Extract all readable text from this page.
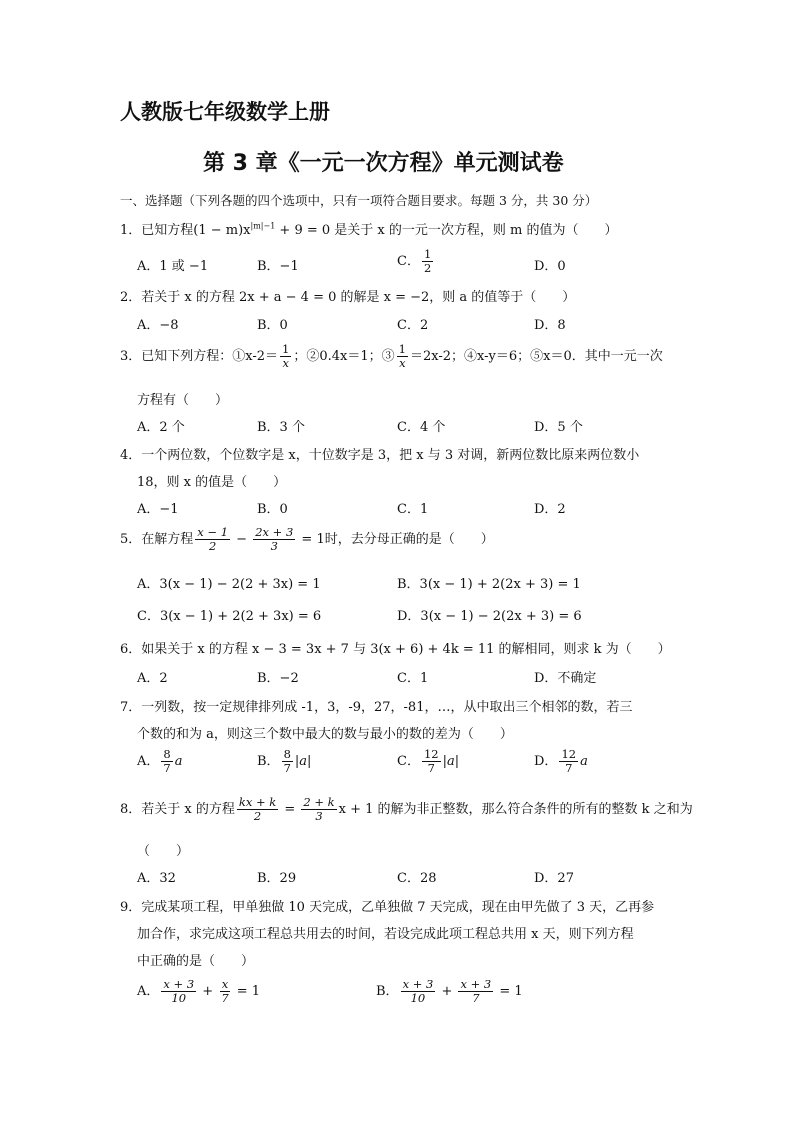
人教版七年级数学上册
第 3 章《一元一次方程》单元测试卷
一、选择题（下列各题的四个选项中，只有一项符合题目要求。每题 3 分，共 30 分）
1．已知方程$(1 - m)x^{|m|-1} + 9 = 0$ 是关于 x 的一元一次方程，则 m 的值为（　　）
A．1 或 −1	B．−1	C． $\frac{1}{2}$	D．0
2．若关于 x 的方程 2x + a − 4 = 0 的解是 x = −2，则 a 的值等于（　　）
A．−8	B．0	C．2	D．8
3．已知下列方程：①x-2＝ $\frac{1}{x}$ ；②0.4x＝1；③ $\frac{1}{x} =2x-2$；④x-y＝6；⑤x＝0．其中一元一次
方程有（　　）
A．2 个	B．3 个	C．4 个	D．5 个
4．一个两位数，个位数字是 x，十位数字是 3，把 x 与 3 对调，新两位数比原来两位数小
18，则 x 的值是（　　）
A．−1	B．0	C．1	D．2
5．在解方程 $\frac{x - 1}{2} - \frac{2x + 3}{3} = 1$时，去分母正确的是（　　）
A．3(x − 1) − 2(2 + 3x) = 1	B．3(x − 1) + 2(2x + 3) = 1
C．3(x − 1) + 2(2 + 3x) = 6	D．3(x − 1) − 2(2x + 3) = 6
6．如果关于 x 的方程 x − 3 = 3x + 7 与 3(x + 6) + 4k = 11 的解相同，则求 k 为（　　）
A．2	B．−2	C．1	D．不确定
7．一列数，按一定规律排列成 -1，3，-9，27，-81，…，从中取出三个相邻的数，若三
个数的和为 a，则这三个数中最大的数与最小的数的差为（　　）
A． $\frac{8}{7}$ a	B． $\frac{8}{7} |a|$	C． $\frac{12}{7} |a|$	D． $\frac{12}{7}$ a
8．若关于 x 的方程 $\frac{kx + k}{2} = \frac{2 + k}{3}$ x + 1 的解为非正整数，那么符合条件的所有的整数 k 之和为
（　　）
A．32	B．29	C．28	D．27
9．完成某项工程，甲单独做 10 天完成，乙单独做 7 天完成，现在由甲先做了 3 天，乙再参
加合作，求完成这项工程总共用去的时间，若设完成此项工程总共用 x 天，则下列方程
中正确的是（　　）
A． $\frac{x + 3}{10} + \frac{x}{7} = 1$	B． $\frac{x + 3}{10} + \frac{x + 3}{7} = 1$
